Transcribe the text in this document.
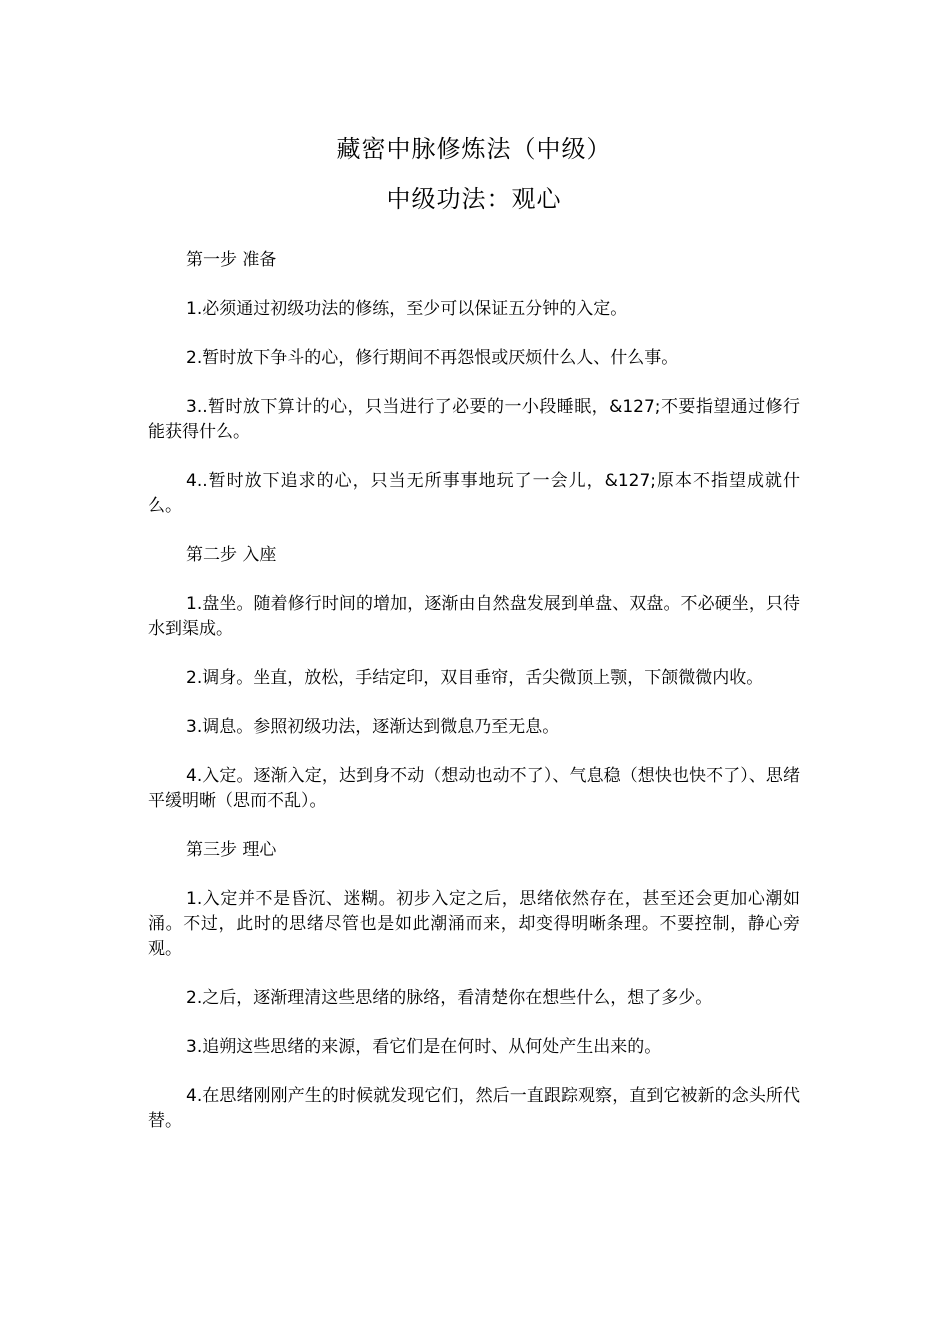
藏密中脉修炼法（中级）
中级功法：观心

第一步 准备

1.必须通过初级功法的修练，至少可以保证五分钟的入定。

2.暂时放下争斗的心，修行期间不再怨恨或厌烦什么人、什么事。

3..暂时放下算计的心，只当进行了必要的一小段睡眠，&127;不要指望通过修行能获得什么。

4..暂时放下追求的心，只当无所事事地玩了一会儿，&127;原本不指望成就什么。

第二步 入座

1.盘坐。随着修行时间的增加，逐渐由自然盘发展到单盘、双盘。不必硬坐，只待水到渠成。

2.调身。坐直，放松，手结定印，双目垂帘，舌尖微顶上颚，下颌微微内收。

3.调息。参照初级功法，逐渐达到微息乃至无息。

4.入定。逐渐入定，达到身不动（想动也动不了）、气息稳（想快也快不了）、思绪平缓明晰（思而不乱）。

第三步 理心

1.入定并不是昏沉、迷糊。初步入定之后，思绪依然存在，甚至还会更加心潮如涌。不过，此时的思绪尽管也是如此潮涌而来，却变得明晰条理。不要控制，静心旁观。

2.之后，逐渐理清这些思绪的脉络，看清楚你在想些什么，想了多少。

3.追朔这些思绪的来源，看它们是在何时、从何处产生出来的。

4.在思绪刚刚产生的时候就发现它们，然后一直跟踪观察，直到它被新的念头所代替。
